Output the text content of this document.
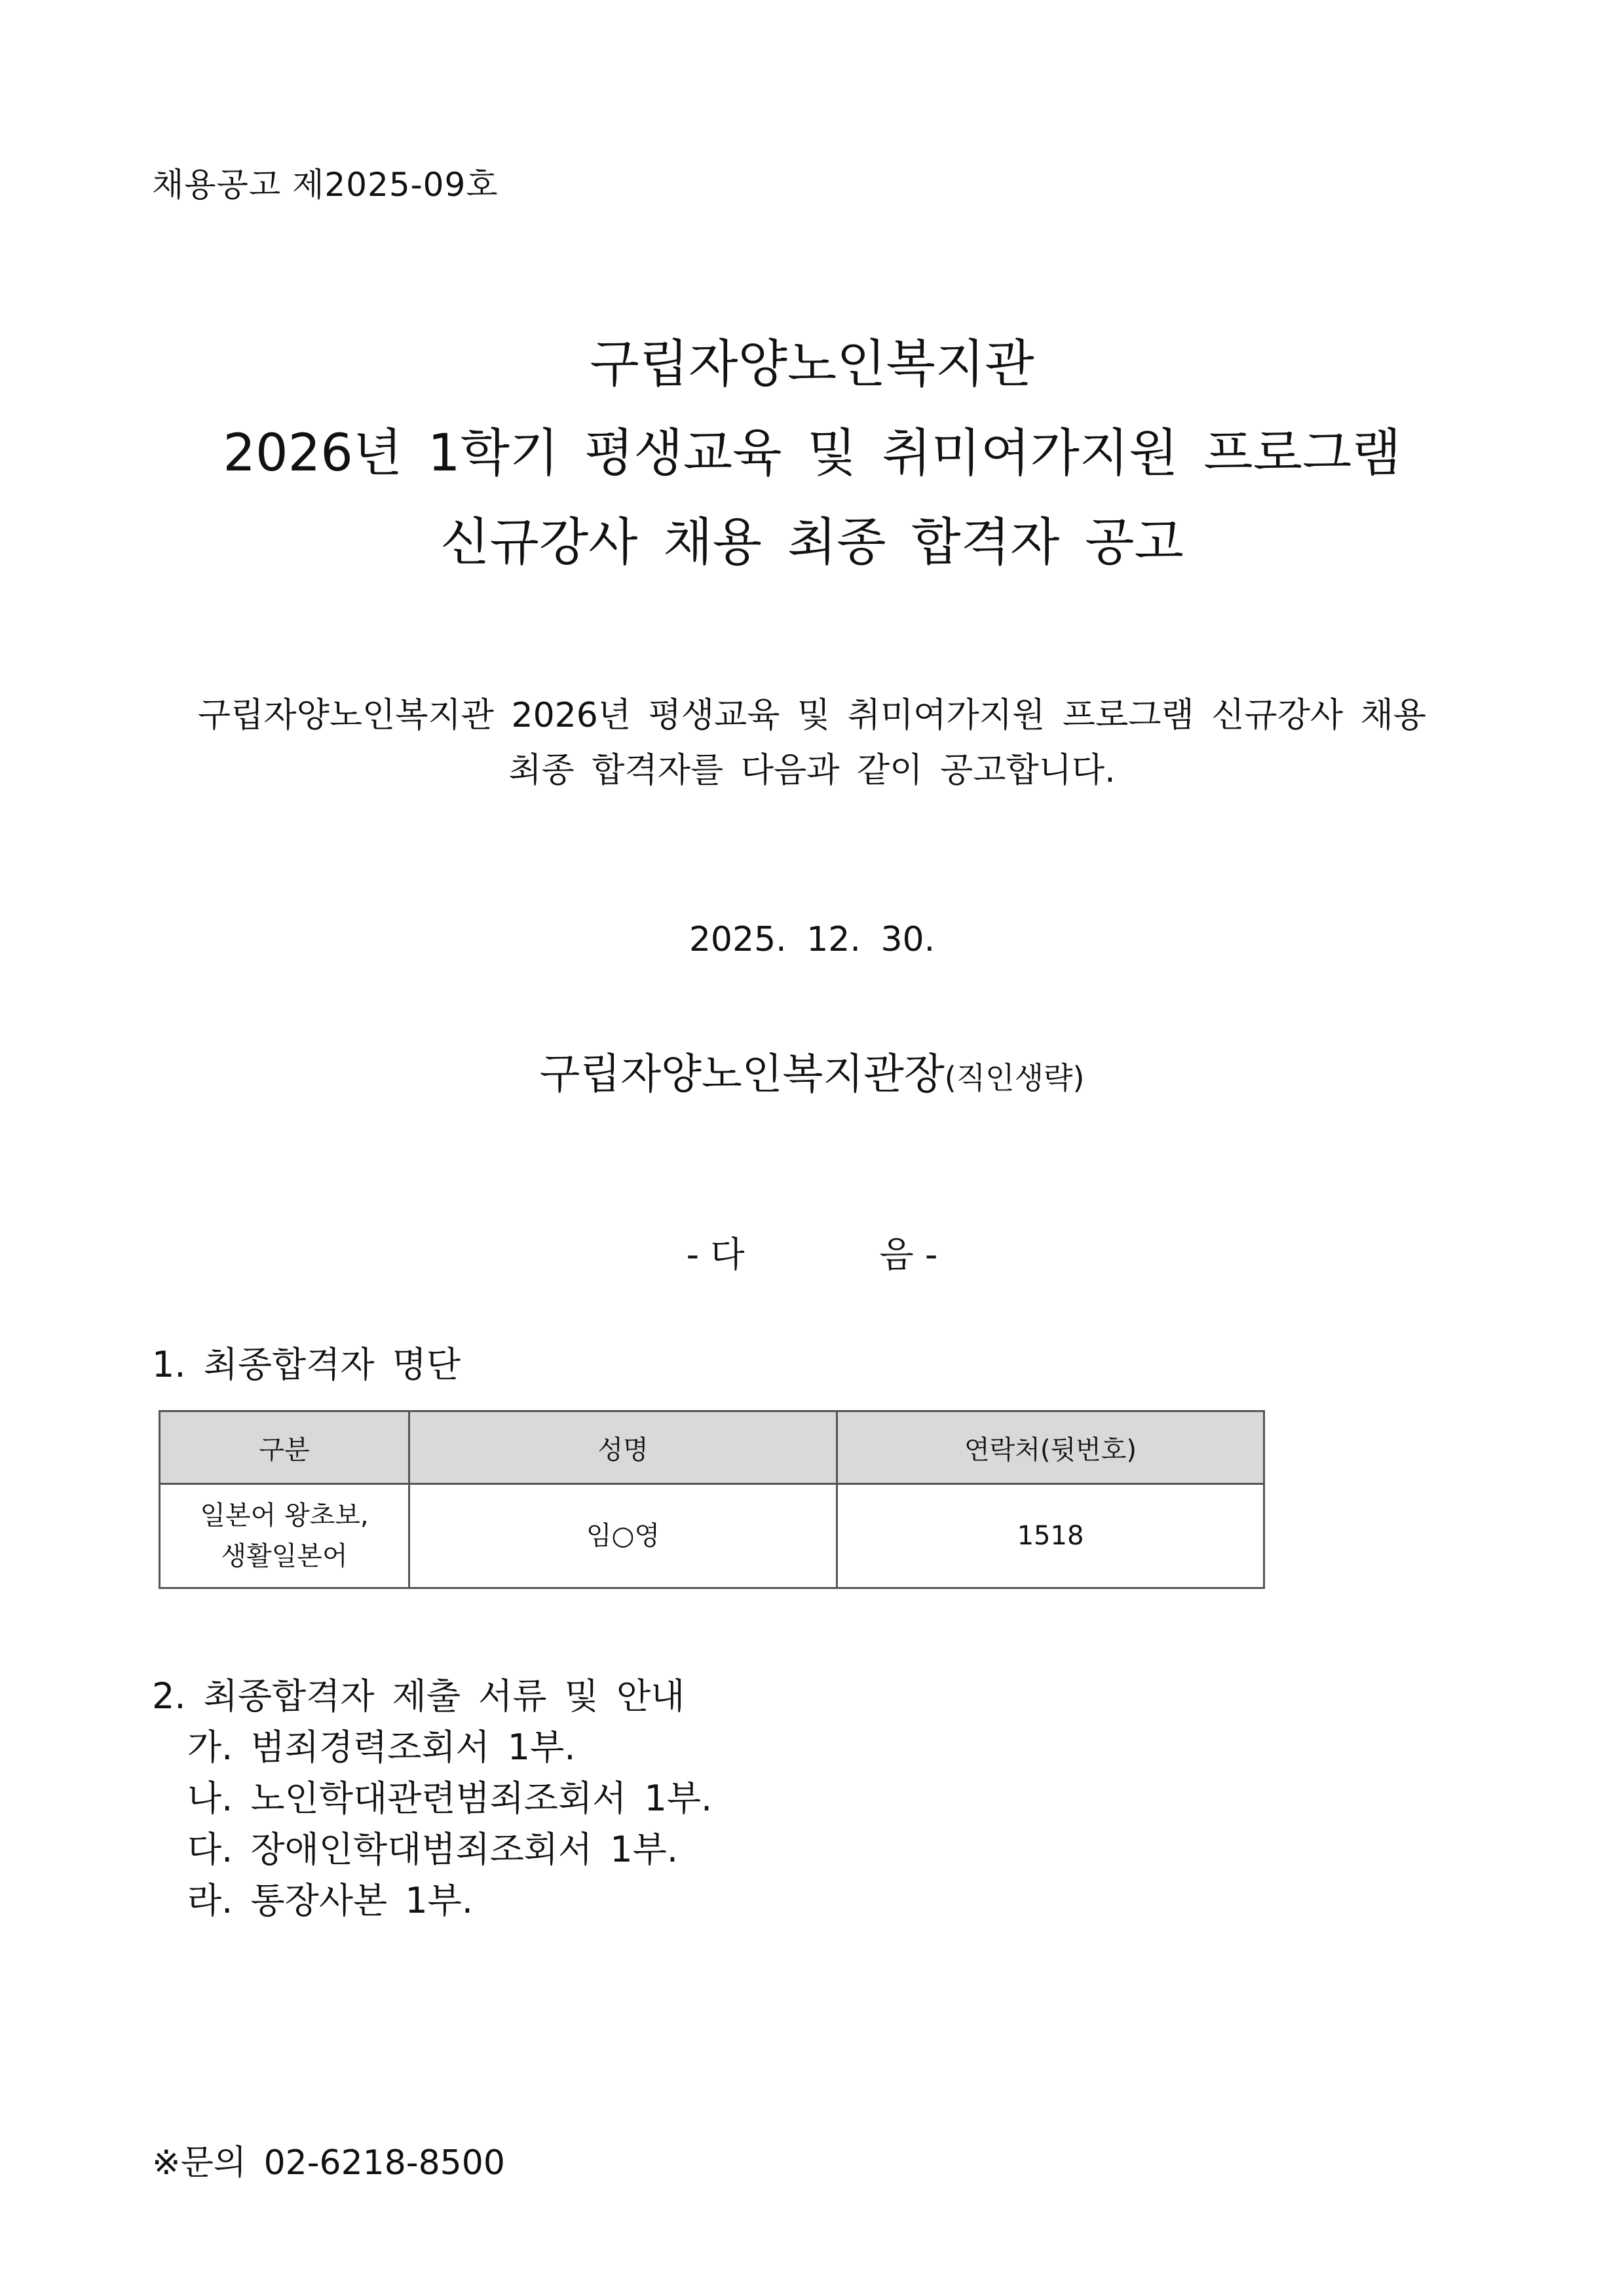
채용공고 제2025-09호
구립자양노인복지관
2026년 1학기 평생교육 및 취미여가지원 프로그램
신규강사 채용 최종 합격자 공고
구립자양노인복지관 2026년 평생교육 및 취미여가지원 프로그램 신규강사 채용
최종 합격자를 다음과 같이 공고합니다.
2025. 12. 30.
구립자양노인복지관장(직인생략)
- 다	음 -
1. 최종합격자 명단
구분	성명	연락처(뒷번호)

일본어 왕초보,
생활일본어	임○영	1518
2. 최종합격자 제출 서류 및 안내
가. 범죄경력조회서 1부.
나. 노인학대관련범죄조회서 1부.
다. 장애인학대범죄조회서 1부.
라. 통장사본 1부.
※문의 02-6218-8500
